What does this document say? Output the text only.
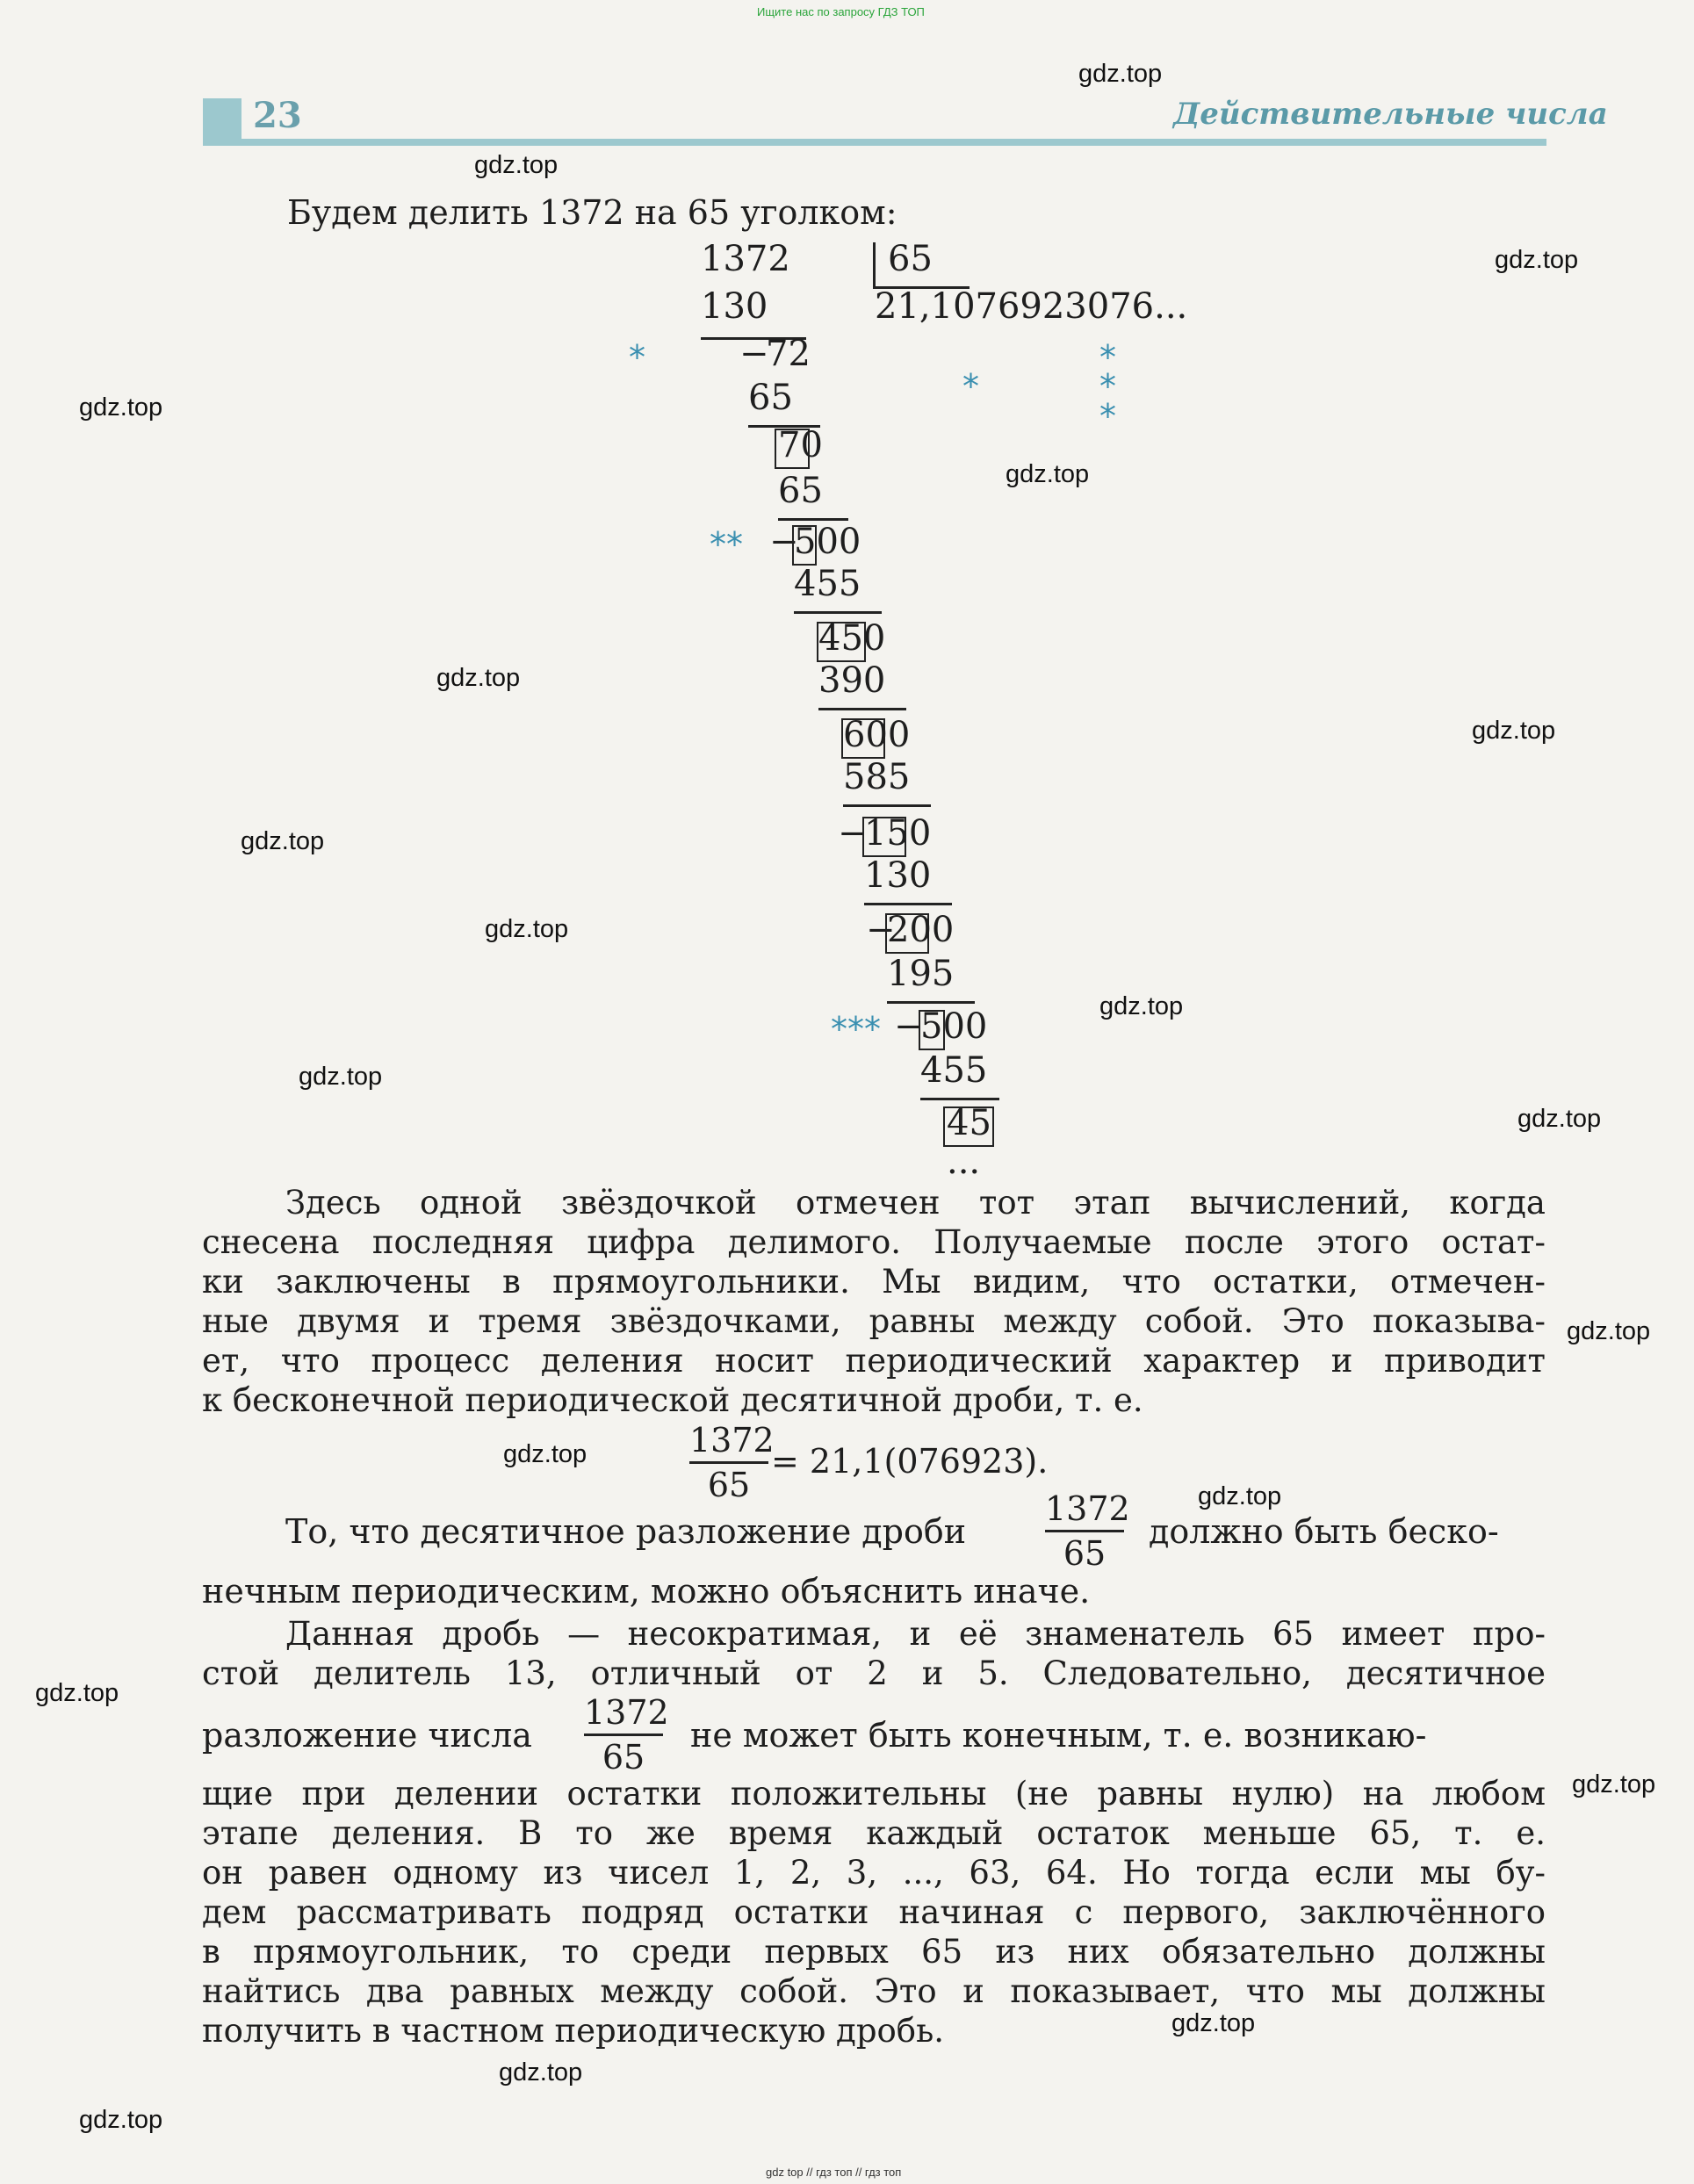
Ищите нас по запросу ГДЗ ТОП
23	Действительные числа
Будем делить 1372 на 65 уголком:
1372	65
21,1076923076...
130
*	−
72
65
*
*	*
*
70
65
** −
500
455
450
390
600
585
−
150
130
−
200
195
*** −
500
455
45
...
Здесь одной звёздочкой отмечен тот этап вычислений, когда
снесена последняя цифра делимого. Получаемые после этого остат-
ки заключены в прямоугольники. Мы видим, что остатки, отмечен-
ные двумя и тремя звёздочками, равны между собой. Это показыва-
ет, что процесс деления носит периодический характер и приводит
к бесконечной периодической десятичной дроби, т. е.
1372
65
= 21,1(076923).
То, что десятичное разложение дроби
1372
65
должно быть беско-
нечным периодическим, можно объяснить иначе.
Данная дробь — несократимая, и её знаменатель 65 имеет про-
стой делитель 13, отличный от 2 и 5. Следовательно, десятичное
разложение числа
1372
65
не может быть конечным, т. е. возникаю-
щие при делении остатки положительны (не равны нулю) на любом
этапе деления. В то же время каждый остаток меньше 65, т. е.
он равен одному из чисел 1, 2, 3, ..., 63, 64. Но тогда если мы бу-
дем рассматривать подряд остатки начиная с первого, заключённого
в прямоугольник, то среди первых 65 из них обязательно должны
найтись два равных между собой. Это и показывает, что мы должны
получить в частном периодическую дробь.
gdz.top
gdz.top
gdz.top
gdz.top
gdz.top
gdz.top
gdz.top
gdz.top
gdz.top
gdz.top
gdz.top
gdz.top
gdz.top
gdz.top
gdz.top
gdz.top
gdz.top
gdz.top
gdz.top
gdz.top
gdz top // гдз топ // гдз топ
